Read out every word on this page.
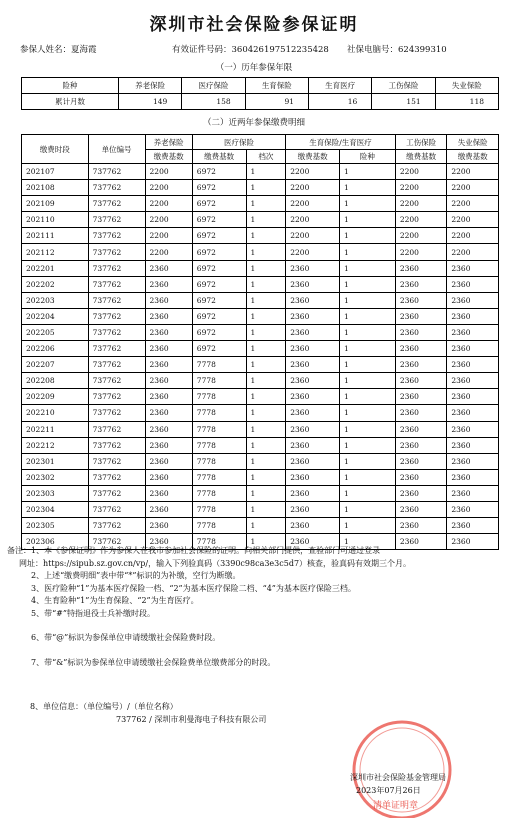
深圳市社会保险参保证明
参保人姓名：夏海霞	有效证件号码：360426197512235428 社保电脑号：624399310
（一）历年参保年限
险种	养老保险	医疗保险	生育保险	生育医疗	工伤保险	失业保险
累计月数	149	158	91	16	151	118
（二）近两年参保缴费明细
缴费时段	单位编号	养老保险	医疗保险		生育保险/生育医疗		工伤保险	失业保险
		缴费基数	缴费基数	档次	缴费基数	险种	缴费基数	缴费基数
202107	737762	2200	6972	1	2200	1	2200	2200
202108	737762	2200	6972	1	2200	1	2200	2200
202109	737762	2200	6972	1	2200	1	2200	2200
202110	737762	2200	6972	1	2200	1	2200	2200
202111	737762	2200	6972	1	2200	1	2200	2200
202112	737762	2200	6972	1	2200	1	2200	2200
202201	737762	2360	6972	1	2360	1	2360	2360
202202	737762	2360	6972	1	2360	1	2360	2360
202203	737762	2360	6972	1	2360	1	2360	2360
202204	737762	2360	6972	1	2360	1	2360	2360
202205	737762	2360	6972	1	2360	1	2360	2360
202206	737762	2360	6972	1	2360	1	2360	2360
202207	737762	2360	7778	1	2360	1	2360	2360
202208	737762	2360	7778	1	2360	1	2360	2360
202209	737762	2360	7778	1	2360	1	2360	2360
202210	737762	2360	7778	1	2360	1	2360	2360
202211	737762	2360	7778	1	2360	1	2360	2360
202212	737762	2360	7778	1	2360	1	2360	2360
202301	737762	2360	7778	1	2360	1	2360	2360
202302	737762	2360	7778	1	2360	1	2360	2360
202303	737762	2360	7778	1	2360	1	2360	2360
202304	737762	2360	7778	1	2360	1	2360	2360
202305	737762	2360	7778	1	2360	1	2360	2360
202306	737762	2360	7778	1	2360	1	2360	2360

备注：1、本《参保证明》作为参保人在我市参加社会保险的证明。向相关部门提供，查验部门可通过登录

网址：https://sipub.sz.gov.cn/vp/，输入下列验真码（3390c98ca3e3c5d7）核查，验真码有效期三个月。

2、上述“缴费明细”表中带“*”标识的为补缴，空行为断缴。

3、医疗险种“1”为基本医疗保险一档、“2”为基本医疗保险二档、“4”为基本医疗保险三档。

4、生育险种“1”为生育保险、“2”为生育医疗。

5、带“#”特指退役士兵补缴时段。

6、带“@”标识为参保单位申请缓缴社会保险费时段。

7、带“&”标识为参保单位申请缓缴社会保险费单位缴费部分的时段。

8、单位信息：（单位编号）/（单位名称）

737762 / 深圳市利曼海电子科技有限公司

深圳市社会保险基金管理局
2023年07月26日
清单证明章
